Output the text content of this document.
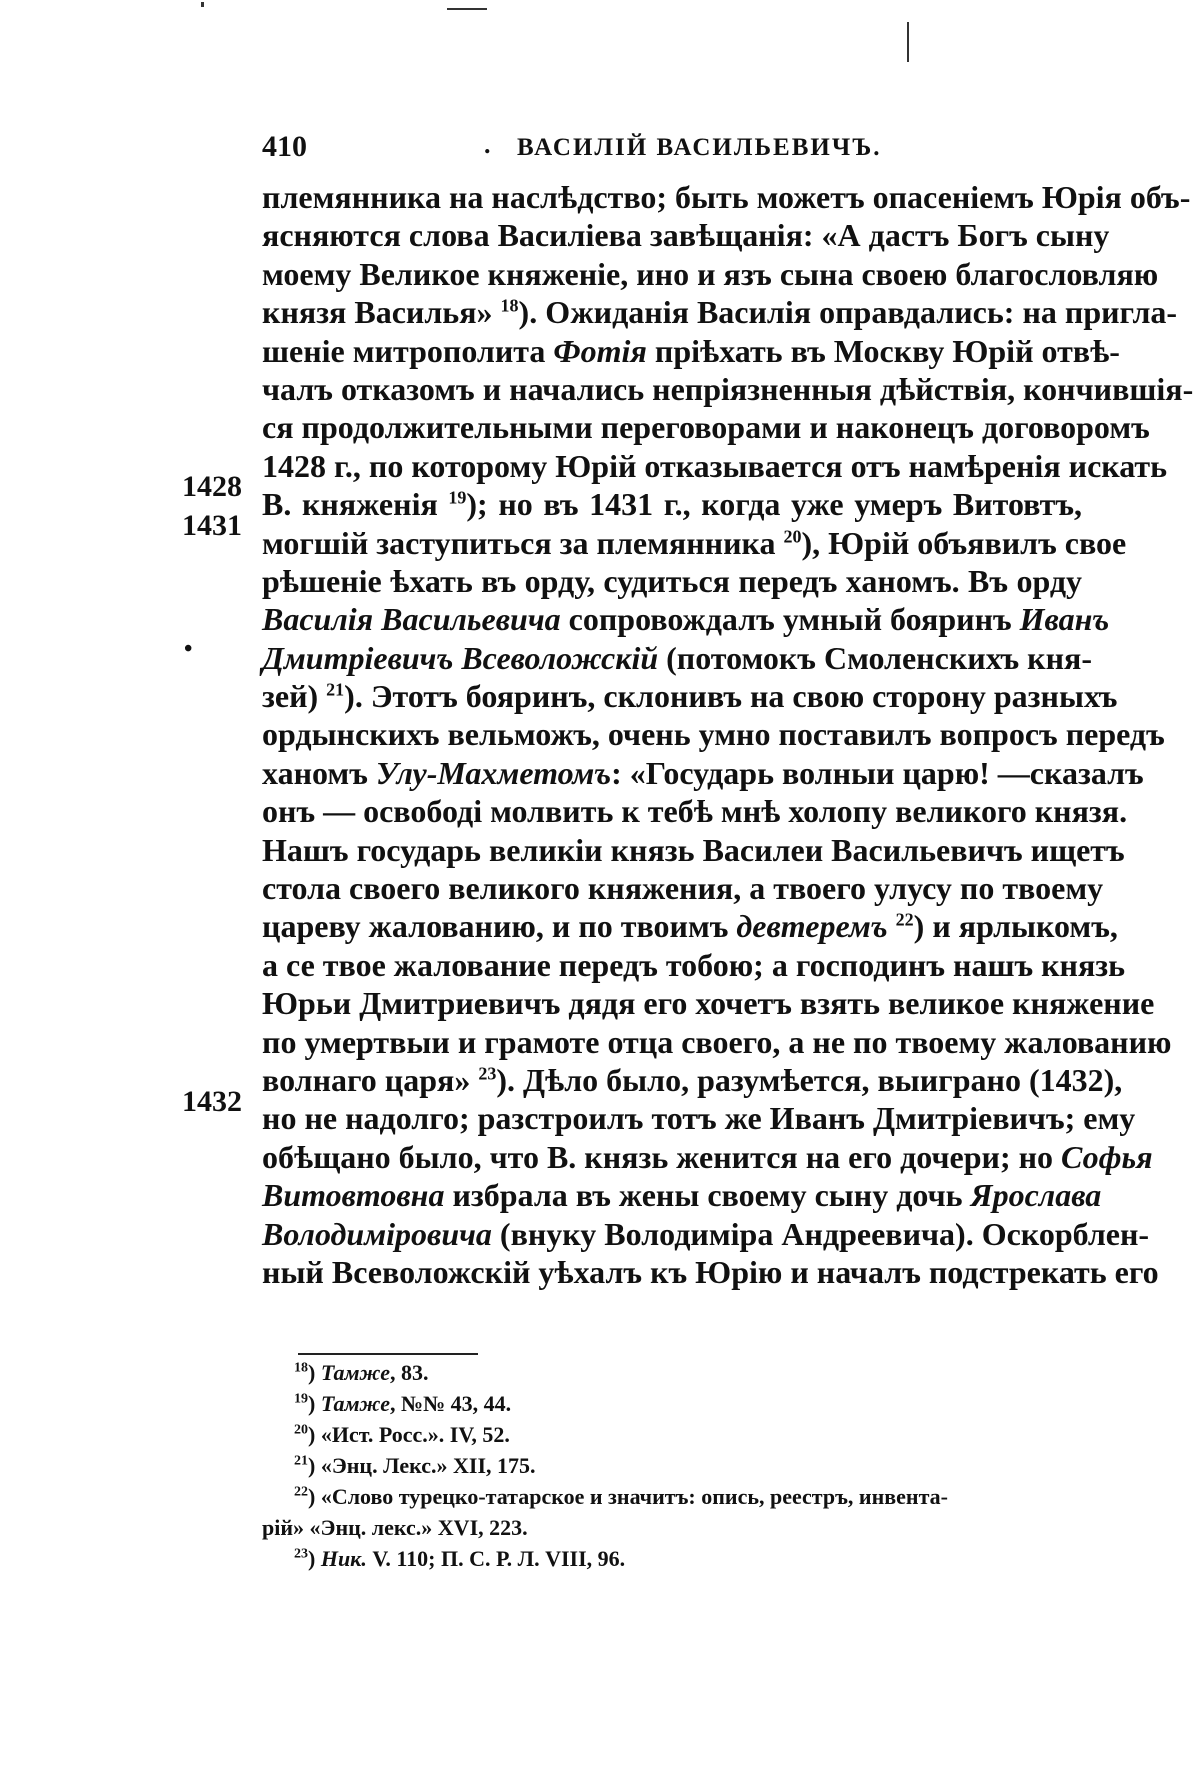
410	. ВАСИЛІЙ ВАСИЛЬЕВИЧЪ.
1428
1431
•
1432
племянника на наслѣдство; быть можетъ опасеніемъ Юрія объ-
ясняются слова Василіева завѣщанія: «А дастъ Богъ сыну
моему Великое княженіе, ино и язъ сына своею благословляю
князя Василья» $^{18}$). Ожиданія Василія оправдались: на пригла-
шеніе митрополита Фотія пріѣхать въ Москву Юрій отвѣ-
чалъ отказомъ и начались непріязненныя дѣйствія, кончившія-
ся продолжительными переговорами и наконецъ договоромъ
1428 г., по которому Юрій отказывается отъ намѣренія искать
В. княженія $^{19}$); но въ 1431 г., когда уже умеръ Витовтъ,
могшій заступиться за племянника $^{20}$), Юрій объявилъ свое
рѣшеніе ѣхать въ орду, судиться передъ ханомъ. Въ орду
Василія Васильевича сопровождалъ умный бояринъ Иванъ
Дмитріевичъ Всеволожскій (потомокъ Смоленскихъ кня-
зей) $^{21}$). Этотъ бояринъ, склонивъ на свою сторону разныхъ
ордынскихъ вельможъ, очень умно поставилъ вопросъ передъ
ханомъ Улу-Махметомъ: «Государь волныи царю! —сказалъ
онъ — освободі молвить к тебѣ мнѣ холопу великого князя.
Нашъ государь великіи князь Василеи Васильевичъ ищетъ
стола своего великого княжения, а твоего улусу по твоему
цареву жалованию, и по твоимъ девтеремъ $^{22}$) и ярлыкомъ,
а се твое жалование передъ тобою; а господинъ нашъ князь
Юрьи Дмитриевичъ дядя его хочетъ взять великое княжение
по умертвыи и грамоте отца своего, а не по твоему жалованию
волнаго царя» $^{23}$). Дѣло было, разумѣется, выиграно (1432),
но не надолго; разстроилъ тотъ же Иванъ Дмитріевичъ; ему
обѣщано было, что В. князь женится на его дочери; но Софья
Витовтовна избрала въ жены своему сыну дочь Ярослава
Володиміровича (внуку Володиміра Андреевича). Оскорблен-
ный Всеволожскій уѣхалъ къ Юрію и началъ подстрекать его
$^{18}$) Тамже, 83.
$^{19}$) Тамже, №№ 43, 44.
$^{20}$) «Ист. Росс.». IV, 52.
$^{21}$) «Энц. Лекс.» XII, 175.
$^{22}$) «Слово турецко-татарское и значитъ: опись, реестръ, инвента-
рій» «Энц. лекс.» XVI, 223.
$^{23}$) Ник. V. 110; П. С. Р. Л. VIII, 96.
